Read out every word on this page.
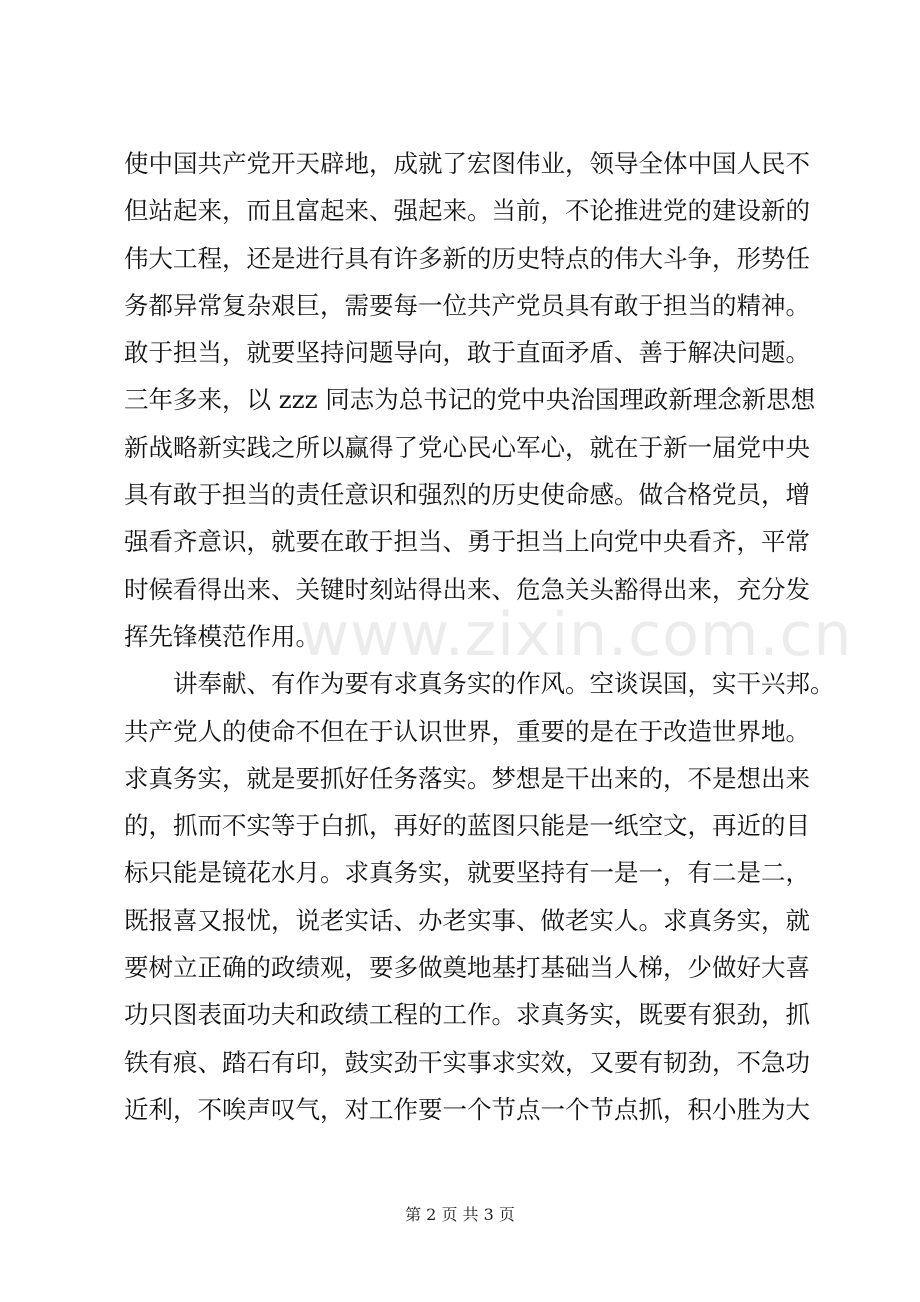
使中国共产党开天辟地，成就了宏图伟业，领导全体中国人民不
但站起来，而且富起来、强起来。当前，不论推进党的建设新的
伟大工程，还是进行具有许多新的历史特点的伟大斗争，形势任
务都异常复杂艰巨，需要每一位共产党员具有敢于担当的精神。
敢于担当，就要坚持问题导向，敢于直面矛盾、善于解决问题。
三年多来，以 zzz 同志为总书记的党中央治国理政新理念新思想
新战略新实践之所以赢得了党心民心军心，就在于新一届党中央
具有敢于担当的责任意识和强烈的历史使命感。做合格党员，增
强看齐意识，就要在敢于担当、勇于担当上向党中央看齐，平常
时候看得出来、关键时刻站得出来、危急关头豁得出来，充分发
挥先锋模范作用。
讲奉献、有作为要有求真务实的作风。空谈误国，实干兴邦。
共产党人的使命不但在于认识世界，重要的是在于改造世界地。
求真务实，就是要抓好任务落实。梦想是干出来的，不是想出来
的，抓而不实等于白抓，再好的蓝图只能是一纸空文，再近的目
标只能是镜花水月。求真务实，就要坚持有一是一，有二是二，
既报喜又报忧，说老实话、办老实事、做老实人。求真务实，就
要树立正确的政绩观，要多做奠地基打基础当人梯，少做好大喜
功只图表面功夫和政绩工程的工作。求真务实，既要有狠劲，抓
铁有痕、踏石有印，鼓实劲干实事求实效，又要有韧劲，不急功
近利，不唉声叹气，对工作要一个节点一个节点抓，积小胜为大
www.zixin.com.cn
第 2 页 共 3 页
